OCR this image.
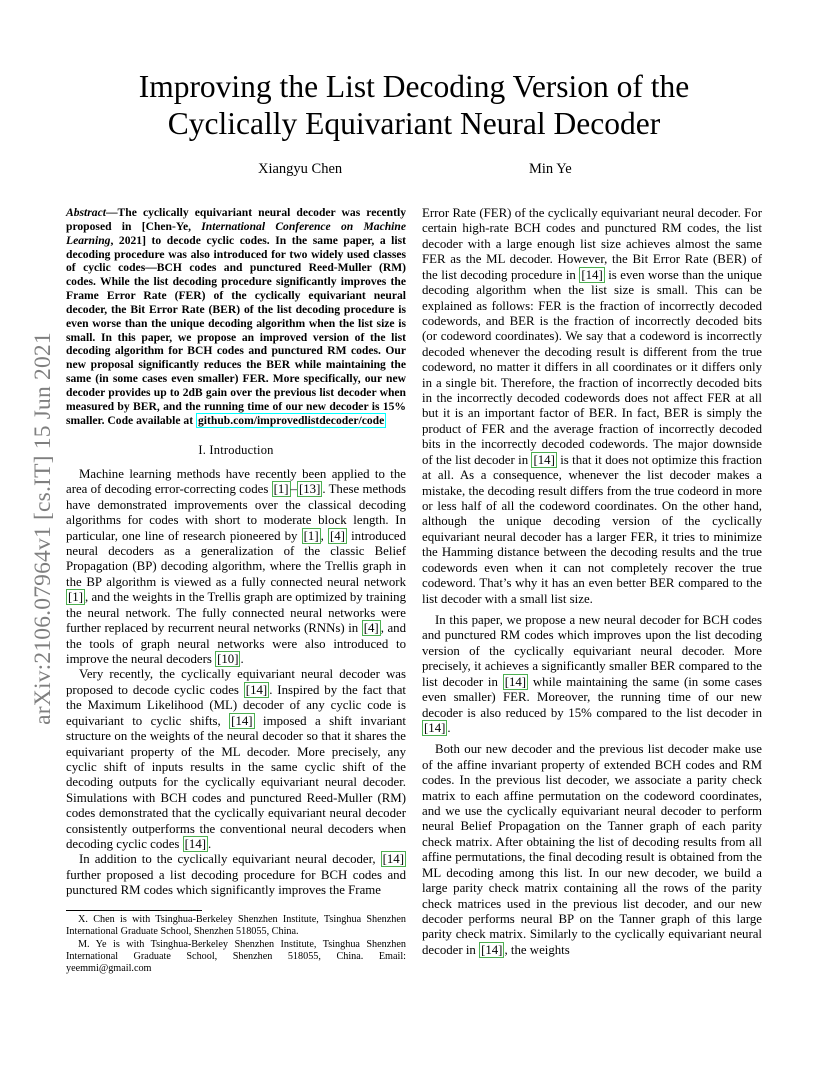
arXiv:2106.07964v1 [cs.IT] 15 Jun 2021
Improving the List Decoding Version of the
Cyclically Equivariant Neural Decoder
Xiangyu Chen	Min Ye

Abstract—The cyclically equivariant neural decoder was recently proposed in [Chen-Ye, International Conference on Machine Learning, 2021] to decode cyclic codes. In the same paper, a list decoding procedure was also introduced for two widely used classes of cyclic codes—BCH codes and punctured Reed-Muller (RM) codes. While the list decoding procedure significantly improves the Frame Error Rate (FER) of the cyclically equivariant neural decoder, the Bit Error Rate (BER) of the list decoding procedure is even worse than the unique decoding algorithm when the list size is small. In this paper, we propose an improved version of the list decoding algorithm for BCH codes and punctured RM codes. Our new proposal significantly reduces the BER while maintaining the same (in some cases even smaller) FER. More specifically, our new decoder provides up to 2dB gain over the previous list decoder when measured by BER, and the running time of our new decoder is 15% smaller. Code available at github.com/improvedlistdecoder/code

I. Introduction

Machine learning methods have recently been applied to the area of decoding error-correcting codes [1] – [13] . These methods have demonstrated improvements over the classical decoding algorithms for codes with short to moderate block length. In particular, one line of research pioneered by [1] , [4] introduced neural decoders as a generalization of the classic Belief Propagation (BP) decoding algorithm, where the Trellis graph in the BP algorithm is viewed as a fully connected neural network [1] , and the weights in the Trellis graph are optimized by training the neural network. The fully connected neural networks were further replaced by recurrent neural networks (RNNs) in [4] , and the tools of graph neural networks were also introduced to improve the neural decoders [10] .

Very recently, the cyclically equivariant neural decoder was proposed to decode cyclic codes [14] . Inspired by the fact that the Maximum Likelihood (ML) decoder of any cyclic code is equivariant to cyclic shifts, [14] imposed a shift invariant structure on the weights of the neural decoder so that it shares the equivariant property of the ML decoder. More precisely, any cyclic shift of inputs results in the same cyclic shift of the decoding outputs for the cyclically equivariant neural decoder. Simulations with BCH codes and punctured Reed-Muller (RM) codes demonstrated that the cyclically equivariant neural decoder consistently outperforms the conventional neural decoders when decoding cyclic codes [14] .

In addition to the cyclically equivariant neural decoder, [14] further proposed a list decoding procedure for BCH codes and punctured RM codes which significantly improves the Frame

X. Chen is with Tsinghua-Berkeley Shenzhen Institute, Tsinghua Shenzhen International Graduate School, Shenzhen 518055, China.

M. Ye is with Tsinghua-Berkeley Shenzhen Institute, Tsinghua Shenzhen International Graduate School, Shenzhen 518055, China. Email: yeemmi@gmail.com

Error Rate (FER) of the cyclically equivariant neural decoder. For certain high-rate BCH codes and punctured RM codes, the list decoder with a large enough list size achieves almost the same FER as the ML decoder. However, the Bit Error Rate (BER) of the list decoding procedure in [14] is even worse than the unique decoding algorithm when the list size is small. This can be explained as follows: FER is the fraction of incorrectly decoded codewords, and BER is the fraction of incorrectly decoded bits (or codeword coordinates). We say that a codeword is incorrectly decoded whenever the decoding result is different from the true codeword, no matter it differs in all coordinates or it differs only in a single bit. Therefore, the fraction of incorrectly decoded bits in the incorrectly decoded codewords does not affect FER at all but it is an important factor of BER. In fact, BER is simply the product of FER and the average fraction of incorrectly decoded bits in the incorrectly decoded codewords. The major downside of the list decoder in [14] is that it does not optimize this fraction at all. As a consequence, whenever the list decoder makes a mistake, the decoding result differs from the true codeord in more or less half of all the codeword coordinates. On the other hand, although the unique decoding version of the cyclically equivariant neural decoder has a larger FER, it tries to minimize the Hamming distance between the decoding results and the true codewords even when it can not completely recover the true codeword. That’s why it has an even better BER compared to the list decoder with a small list size.

In this paper, we propose a new neural decoder for BCH codes and punctured RM codes which improves upon the list decoding version of the cyclically equivariant neural decoder. More precisely, it achieves a significantly smaller BER compared to the list decoder in [14] while maintaining the same (in some cases even smaller) FER. Moreover, the running time of our new decoder is also reduced by 15% compared to the list decoder in [14] .

Both our new decoder and the previous list decoder make use of the affine invariant property of extended BCH codes and RM codes. In the previous list decoder, we associate a parity check matrix to each affine permutation on the codeword coordinates, and we use the cyclically equivariant neural decoder to perform neural Belief Propagation on the Tanner graph of each parity check matrix. After obtaining the list of decoding results from all affine permutations, the final decoding result is obtained from the ML decoding among this list. In our new decoder, we build a large parity check matrix containing all the rows of the parity check matrices used in the previous list decoder, and our new decoder performs neural BP on the Tanner graph of this large parity check matrix. Similarly to the cyclically equivariant neural decoder in [14] , the weights
